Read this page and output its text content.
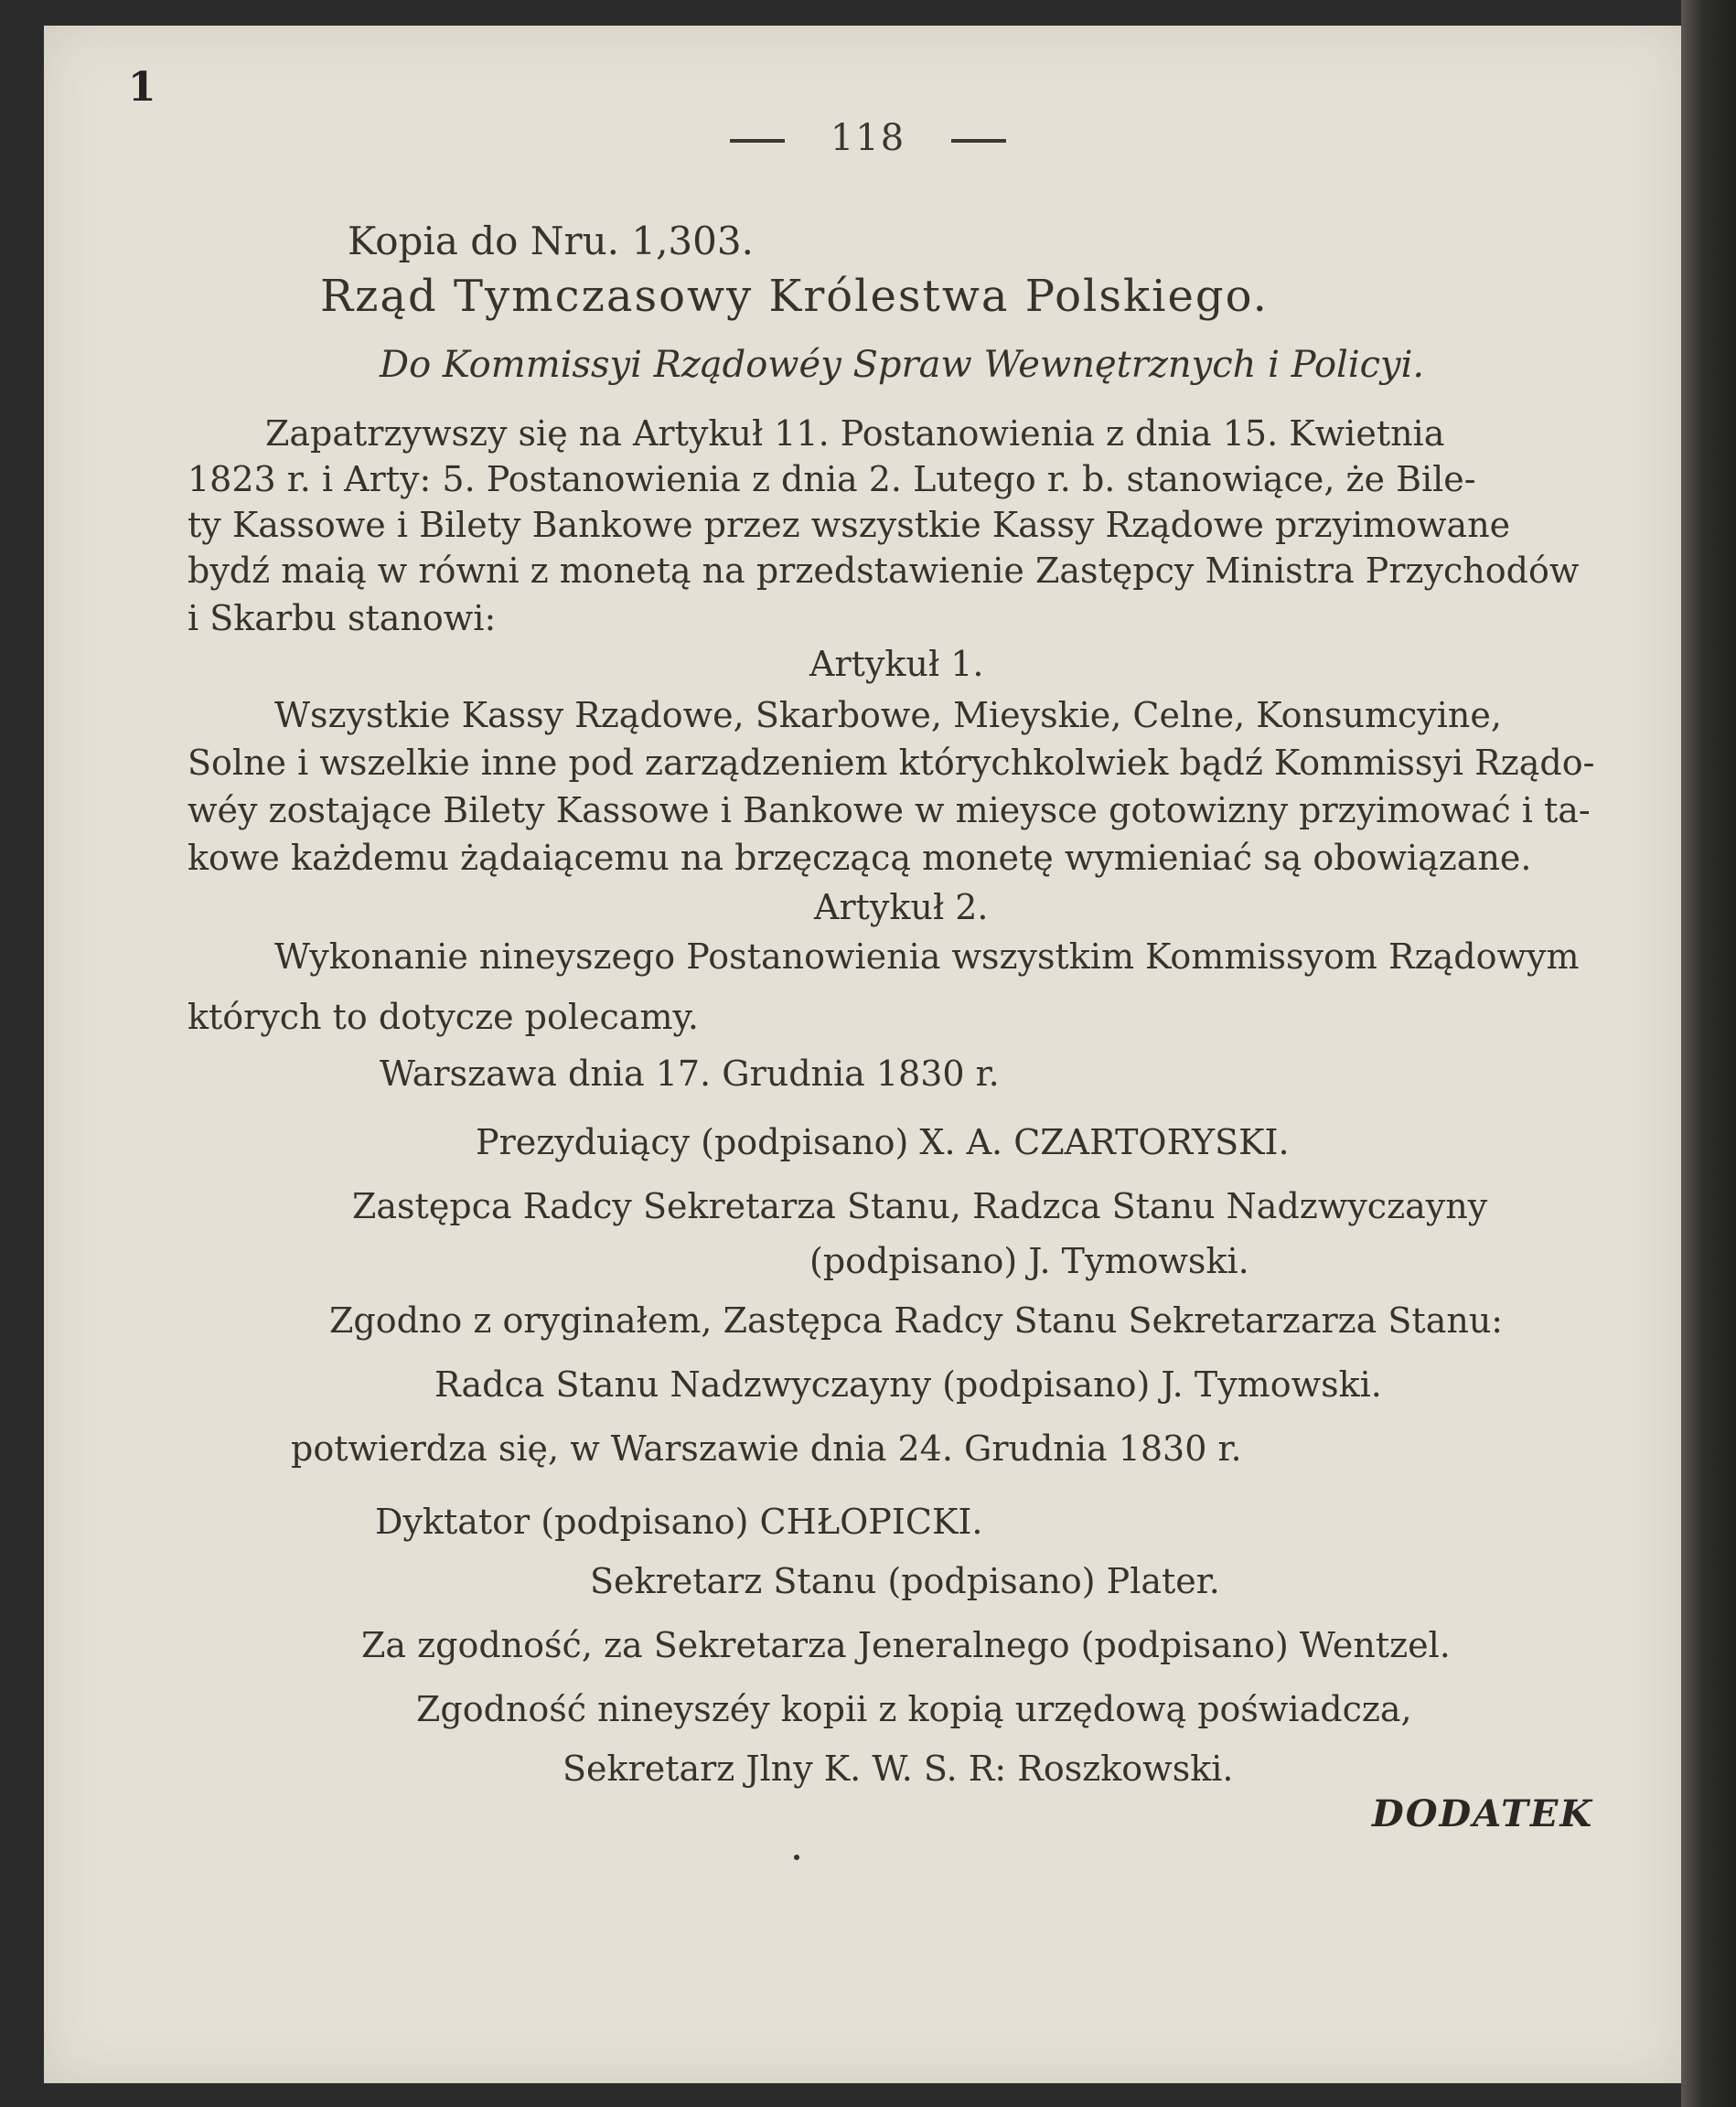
1
118
Kopia do Nru. 1,303.
Rząd Tymczasowy Królestwa Polskiego.
Do Kommissyi Rządowéy Spraw Wewnętrznych i Policyi.
Zapatrzywszy się na Artykuł 11. Postanowienia z dnia 15. Kwietnia
1823 r. i Arty: 5. Postanowienia z dnia 2. Lutego r. b. stanowiące, że Bile-
ty Kassowe i Bilety Bankowe przez wszystkie Kassy Rządowe przyimowane
bydź maią w równi z monetą na przedstawienie Zastępcy Ministra Przychodów
i Skarbu stanowi:
Artykuł 1.
Wszystkie Kassy Rządowe, Skarbowe, Mieyskie, Celne, Konsumcyine,
Solne i wszelkie inne pod zarządzeniem którychkolwiek bądź Kommissyi Rządo-
wéy zostające Bilety Kassowe i Bankowe w mieysce gotowizny przyimować i ta-
kowe każdemu żądaiącemu na brzęczącą monetę wymieniać są obowiązane.
Artykuł 2.
Wykonanie nineyszego Postanowienia wszystkim Kommissyom Rządowym
których to dotycze polecamy.
Warszawa dnia 17. Grudnia 1830 r.
Prezyduiący (podpisano) X. A. CZARTORYSKI.
Zastępca Radcy Sekretarza Stanu, Radzca Stanu Nadzwyczayny
(podpisano) J. Tymowski.
Zgodno z oryginałem, Zastępca Radcy Stanu Sekretarzarza Stanu:
Radca Stanu Nadzwyczayny (podpisano) J. Tymowski.
potwierdza się, w Warszawie dnia 24. Grudnia 1830 r.
Dyktator (podpisano) CHŁOPICKI.
Sekretarz Stanu (podpisano) Plater.
Za zgodność, za Sekretarza Jeneralnego (podpisano) Wentzel.
Zgodność nineyszéy kopii z kopią urzędową poświadcza,
Sekretarz Jlny K. W. S. R: Roszkowski.
DODATEK
